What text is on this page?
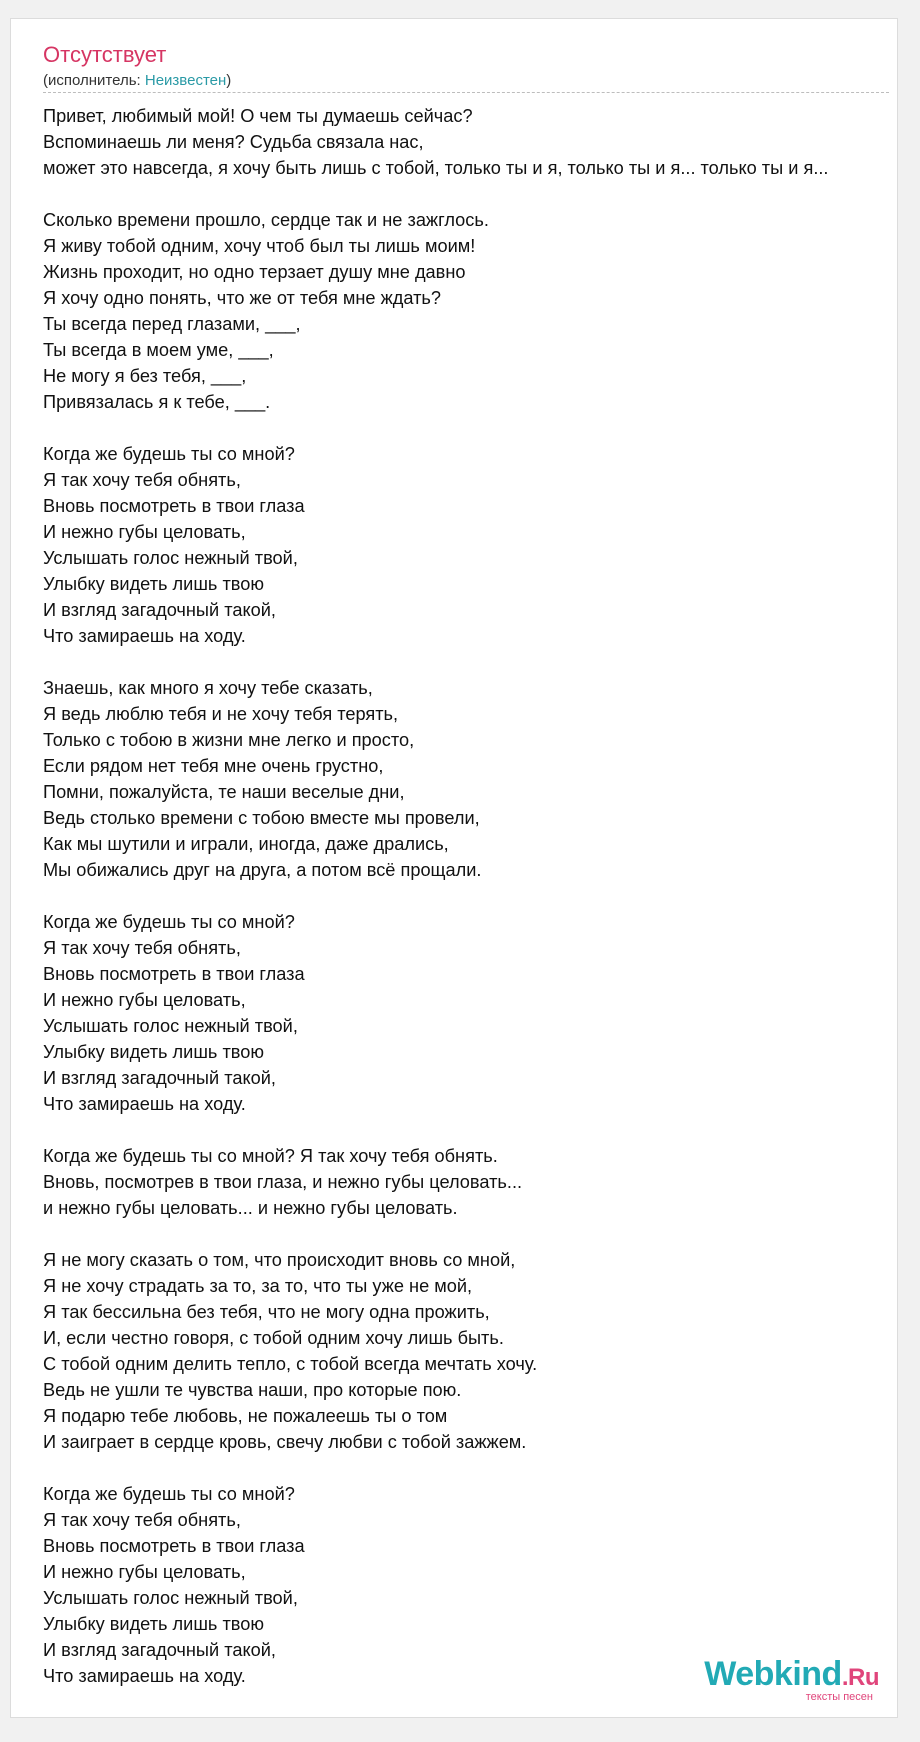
Отсутствует
(исполнитель: Неизвестен)
Привет, любимый мой! О чем ты думаешь сейчас?
Вспоминаешь ли меня? Судьба связала нас,
может это навсегда, я хочу быть лишь с тобой, только ты и я, только ты и я... только ты и я...
Сколько времени прошло, сердце так и не зажглось.
Я живу тобой одним, хочу чтоб был ты лишь моим!
Жизнь проходит, но одно терзает душу мне давно
Я хочу одно понять, что же от тебя мне ждать?
Ты всегда перед глазами, ___,
Ты всегда в моем уме, ___,
Не могу я без тебя, ___,
Привязалась я к тебе, ___.
Когда же будешь ты со мной?
Я так хочу тебя обнять,
Вновь посмотреть в твои глаза
И нежно губы целовать,
Услышать голос нежный твой,
Улыбку видеть лишь твою
И взгляд загадочный такой,
Что замираешь на ходу.
Знаешь, как много я хочу тебе сказать,
Я ведь люблю тебя и не хочу тебя терять,
Только с тобою в жизни мне легко и просто,
Если рядом нет тебя мне очень грустно,
Помни, пожалуйста, те наши веселые дни,
Ведь столько времени с тобою вместе мы провели,
Как мы шутили и играли, иногда, даже дрались,
Мы обижались друг на друга, а потом всё прощали.
Когда же будешь ты со мной?
Я так хочу тебя обнять,
Вновь посмотреть в твои глаза
И нежно губы целовать,
Услышать голос нежный твой,
Улыбку видеть лишь твою
И взгляд загадочный такой,
Что замираешь на ходу.
Когда же будешь ты со мной? Я так хочу тебя обнять.
Вновь, посмотрев в твои глаза, и нежно губы целовать...
и нежно губы целовать... и нежно губы целовать.
Я не могу сказать о том, что происходит вновь со мной,
Я не хочу страдать за то, за то, что ты уже не мой,
Я так бессильна без тебя, что не могу одна прожить,
И, если честно говоря, с тобой одним хочу лишь быть.
С тобой одним делить тепло, с тобой всегда мечтать хочу.
Ведь не ушли те чувства наши, про которые пою.
Я подарю тебе любовь, не пожалеешь ты о том
И заиграет в сердце кровь, свечу любви с тобой зажжем.
Когда же будешь ты со мной?
Я так хочу тебя обнять,
Вновь посмотреть в твои глаза
И нежно губы целовать,
Услышать голос нежный твой,
Улыбку видеть лишь твою
И взгляд загадочный такой,
Что замираешь на ходу.	Webkind.Ru
тексты песен
